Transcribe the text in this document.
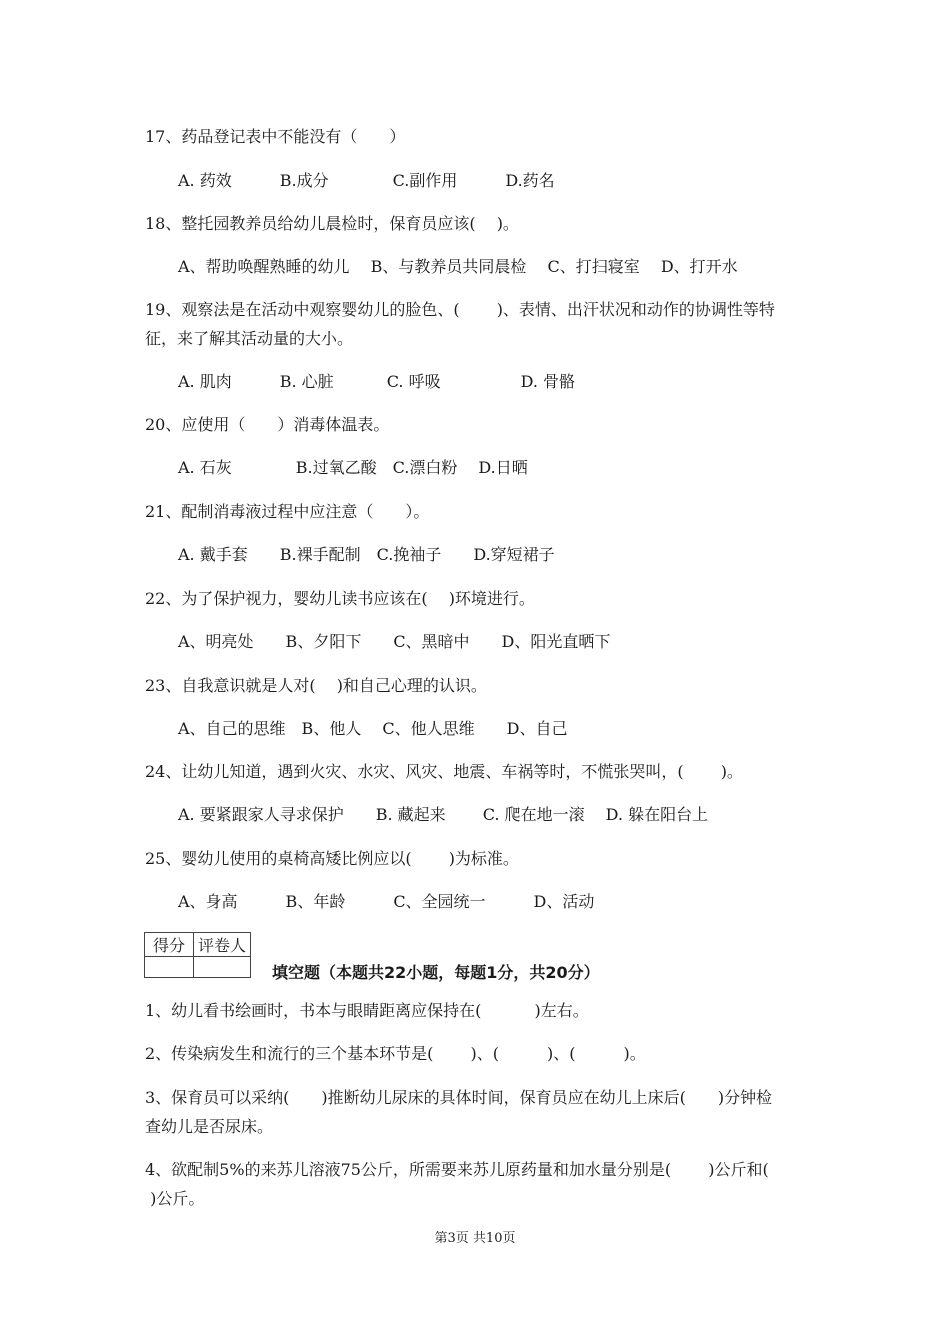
17、药品登记表中不能没有（　　）

A. 药效　　　B.成分　　　　C.副作用　　　D.药名

18、整托园教养员给幼儿晨检时，保育员应该(　 )。

A、帮助唤醒熟睡的幼儿　 B、与教养员共同晨检　 C、打扫寝室　 D、打开水

19、观察法是在活动中观察婴幼儿的脸色、(　　 )、表情、出汗状况和动作的协调性等特

征，来了解其活动量的大小。

A. 肌肉　　　B. 心脏　　　 C. 呼吸　　　　　D. 骨骼

20、应使用（　　）消毒体温表。

A. 石灰　　　　B.过氧乙酸　C.漂白粉　 D.日晒

21、配制消毒液过程中应注意（　　）。

A. 戴手套　　B.裸手配制　C.挽袖子　　D.穿短裙子

22、为了保护视力，婴幼儿读书应该在(　 )环境进行。

A、明亮处　　B、夕阳下　　C、黑暗中　　D、阳光直晒下

23、自我意识就是人对(　 )和自己心理的认识。

A、自己的思维　B、他人　 C、他人思维　　D、自己

24、让幼儿知道，遇到火灾、水灾、风灾、地震、车祸等时，不慌张哭叫，(　　 )。

A. 要紧跟家人寻求保护　　B. 藏起来　　 C. 爬在地一滚　 D. 躲在阳台上

25、婴幼儿使用的桌椅高矮比例应以(　　 )为标准。

A、身高　　　B、年龄　　　C、全园统一　　　D、活动

得分	评卷人

填空题（本题共22小题，每题1分，共20分）

1、幼儿看书绘画时，书本与眼睛距离应保持在(　　　 )左右。

2、传染病发生和流行的三个基本环节是(　　 )、(　　　)、(　　　)。

3、保育员可以采纳(　　)推断幼儿尿床的具体时间，保育员应在幼儿上床后(　　)分钟检

查幼儿是否尿床。

4、欲配制5%的来苏儿溶液75公斤，所需要来苏儿原药量和加水量分别是(　　 )公斤和(

)公斤。

第3页 共10页
